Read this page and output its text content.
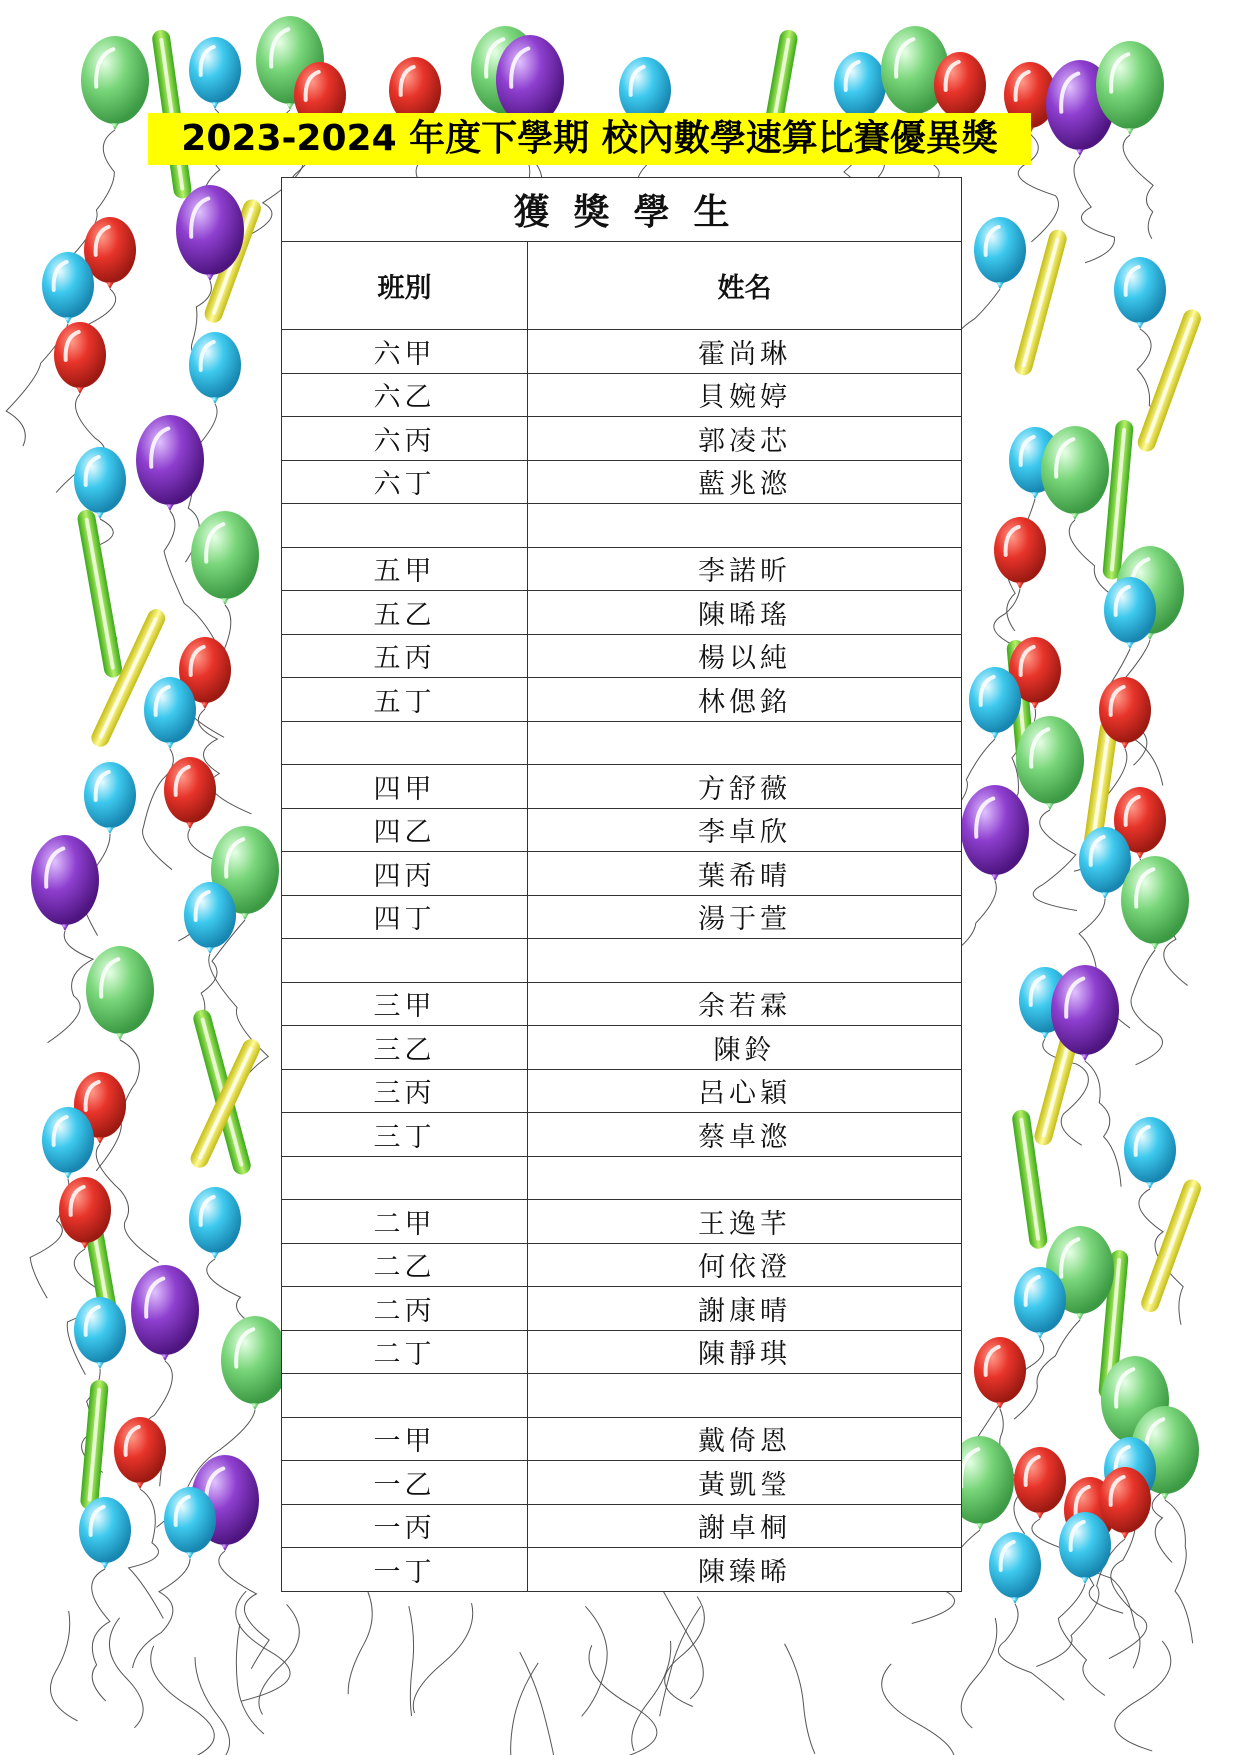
2023-2024 年度下學期 校內數學速算比賽優異獎
獲獎學生	
班別	姓名
六甲	霍尚琳
六乙	貝婉婷
六丙	郭凌芯
六丁	藍兆滺

五甲	李諾昕
五乙	陳晞瑤
五丙	楊以純
五丁	林偲銘

四甲	方舒薇
四乙	李卓欣
四丙	葉希晴
四丁	湯于萱

三甲	余若霖
三乙	陳鈴
三丙	呂心穎
三丁	蔡卓滺

二甲	王逸芊
二乙	何依澄
二丙	謝康晴
二丁	陳靜琪

一甲	戴倚恩
一乙	黃凱瑩
一丙	謝卓桐
一丁	陳臻晞
